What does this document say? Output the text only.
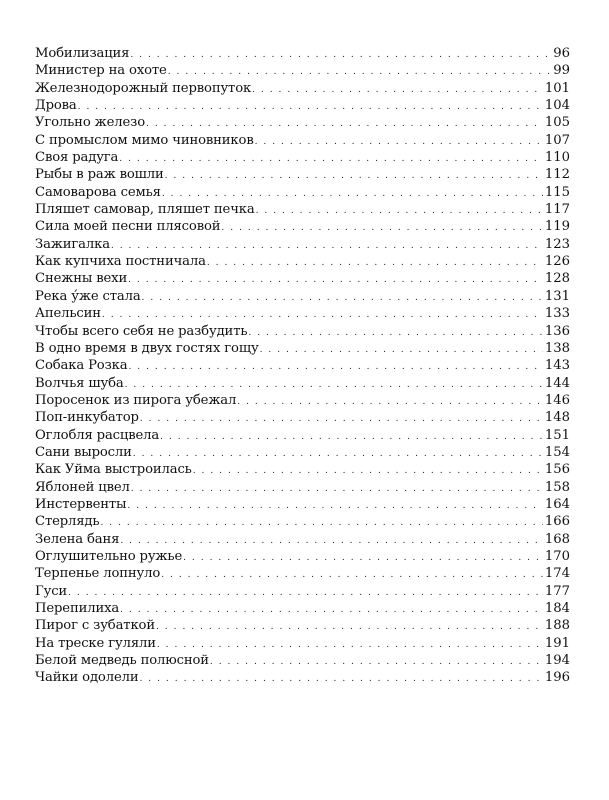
Мобилизация . . .	96
Министер на охоте . . .	99
Железнодорожный первопуток . . .	101
Дрова . . .	104
Угольно железо . . .	105
С промыслом мимо чиновников . . .	107
Своя радуга . . .	110
Рыбы в раж вошли . . .	112
Самоварова семья . . .	115
Пляшет самовар, пляшет печка . . .	117
Сила моей песни плясовой . . .	119
Зажигалка . . .	123
Как купчиха постничала . . .	126
Снежны вехи . . .	128
Река у́же стала . . .	131
Апельсин . . .	133
Чтобы всего себя не разбудить . . .	136
В одно время в двух гостях гощу . . .	138
Собака Розка . . .	143
Волчья шуба . . .	144
Поросенок из пирога убежал . . .	146
Поп-инкубатор . . .	148
Оглобля расцвела . . .	151
Сани выросли . . .	154
Как Уйма выстроилась . . .	156
Яблоней цвел . . .	158
Инстервенты . . .	164
Стерлядь . . .	166
Зелена баня . . .	168
Оглушительно ружье . . .	170
Терпенье лопнуло . . .	174
Гуси . . .	177
Перепилиха . . .	184
Пирог с зубаткой . . .	188
На треске гуляли . . .	191
Белой медведь полюсной . . .	194
Чайки одолели . . .	196
